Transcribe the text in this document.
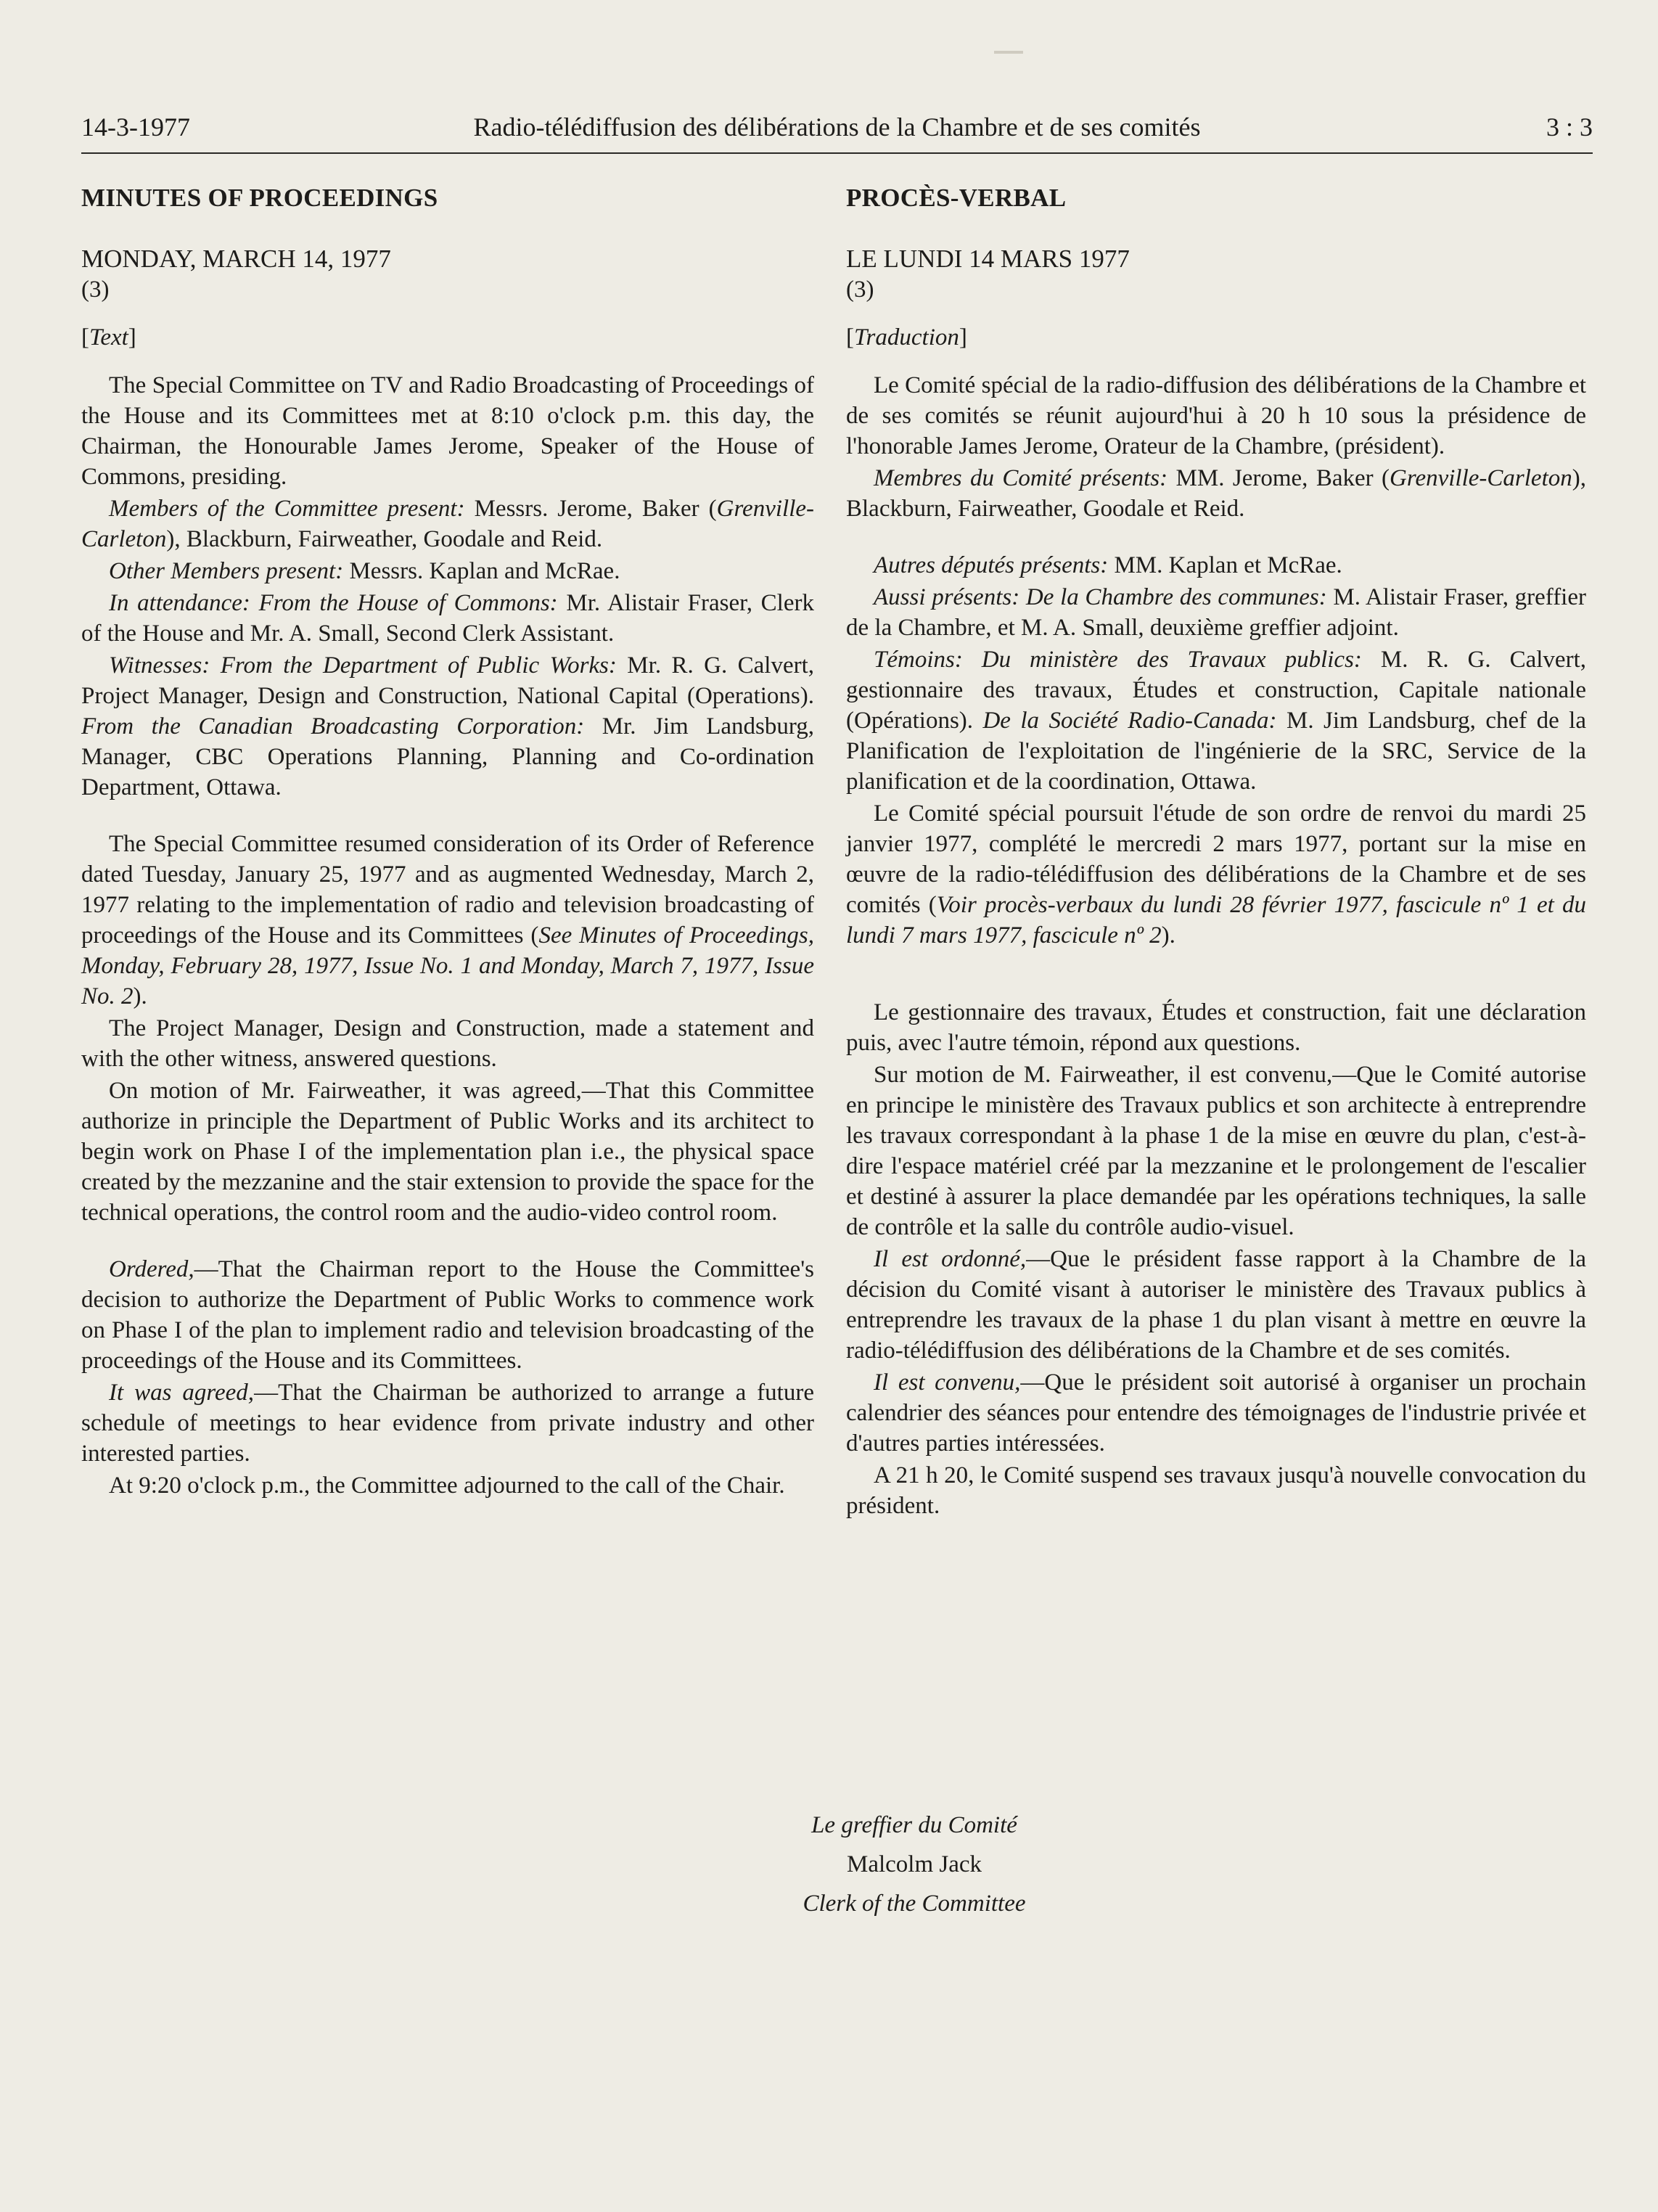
14-3-1977	Radio-télédiffusion des délibérations de la Chambre et de ses comités	3 : 3
MINUTES OF PROCEEDINGS
MONDAY, MARCH 14, 1977
(3)
[Text]

The Special Committee on TV and Radio Broadcasting of Proceedings of the House and its Committees met at 8:10 o'clock p.m. this day, the Chairman, the Honourable James Jerome, Speaker of the House of Commons, presiding.

Members of the Committee present: Messrs. Jerome, Baker (Grenville-Carleton), Blackburn, Fairweather, Goodale and Reid.

Other Members present: Messrs. Kaplan and McRae.

In attendance: From the House of Commons: Mr. Alistair Fraser, Clerk of the House and Mr. A. Small, Second Clerk Assistant.

Witnesses: From the Department of Public Works: Mr. R. G. Calvert, Project Manager, Design and Construction, National Capital (Operations). From the Canadian Broadcasting Corporation: Mr. Jim Landsburg, Manager, CBC Operations Planning, Planning and Co-ordination Department, Ottawa.

The Special Committee resumed consideration of its Order of Reference dated Tuesday, January 25, 1977 and as augmented Wednesday, March 2, 1977 relating to the implementation of radio and television broadcasting of proceedings of the House and its Committees (See Minutes of Proceedings, Monday, February 28, 1977, Issue No. 1 and Monday, March 7, 1977, Issue No. 2).

The Project Manager, Design and Construction, made a statement and with the other witness, answered questions.

On motion of Mr. Fairweather, it was agreed,—That this Committee authorize in principle the Department of Public Works and its architect to begin work on Phase I of the implementation plan i.e., the physical space created by the mezzanine and the stair extension to provide the space for the technical operations, the control room and the audio-video control room.

Ordered,—That the Chairman report to the House the Committee's decision to authorize the Department of Public Works to commence work on Phase I of the plan to implement radio and television broadcasting of the proceedings of the House and its Committees.

It was agreed,—That the Chairman be authorized to arrange a future schedule of meetings to hear evidence from private industry and other interested parties.

At 9:20 o'clock p.m., the Committee adjourned to the call of the Chair.

PROCÈS-VERBAL
LE LUNDI 14 MARS 1977
(3)
[Traduction]

Le Comité spécial de la radio-diffusion des délibérations de la Chambre et de ses comités se réunit aujourd'hui à 20 h 10 sous la présidence de l'honorable James Jerome, Orateur de la Chambre, (président).

Membres du Comité présents: MM. Jerome, Baker (Grenville-Carleton), Blackburn, Fairweather, Goodale et Reid.

Autres députés présents: MM. Kaplan et McRae.

Aussi présents: De la Chambre des communes: M. Alistair Fraser, greffier de la Chambre, et M. A. Small, deuxième greffier adjoint.

Témoins: Du ministère des Travaux publics: M. R. G. Calvert, gestionnaire des travaux, Études et construction, Capitale nationale (Opérations). De la Société Radio-Canada: M. Jim Landsburg, chef de la Planification de l'exploitation de l'ingénierie de la SRC, Service de la planification et de la coordination, Ottawa.

Le Comité spécial poursuit l'étude de son ordre de renvoi du mardi 25 janvier 1977, complété le mercredi 2 mars 1977, portant sur la mise en œuvre de la radio-télédiffusion des délibérations de la Chambre et de ses comités (Voir procès-verbaux du lundi 28 février 1977, fascicule nº 1 et du lundi 7 mars 1977, fascicule nº 2).

Le gestionnaire des travaux, Études et construction, fait une déclaration puis, avec l'autre témoin, répond aux questions.

Sur motion de M. Fairweather, il est convenu,—Que le Comité autorise en principe le ministère des Travaux publics et son architecte à entreprendre les travaux correspondant à la phase 1 de la mise en œuvre du plan, c'est-à-dire l'espace matériel créé par la mezzanine et le prolongement de l'escalier et destiné à assurer la place demandée par les opérations techniques, la salle de contrôle et la salle du contrôle audio-visuel.

Il est ordonné,—Que le président fasse rapport à la Chambre de la décision du Comité visant à autoriser le ministère des Travaux publics à entreprendre les travaux de la phase 1 du plan visant à mettre en œuvre la radio-télédiffusion des délibérations de la Chambre et de ses comités.

Il est convenu,—Que le président soit autorisé à organiser un prochain calendrier des séances pour entendre des témoignages de l'industrie privée et d'autres parties intéressées.

A 21 h 20, le Comité suspend ses travaux jusqu'à nouvelle convocation du président.

Le greffier du Comité
Malcolm Jack
Clerk of the Committee
